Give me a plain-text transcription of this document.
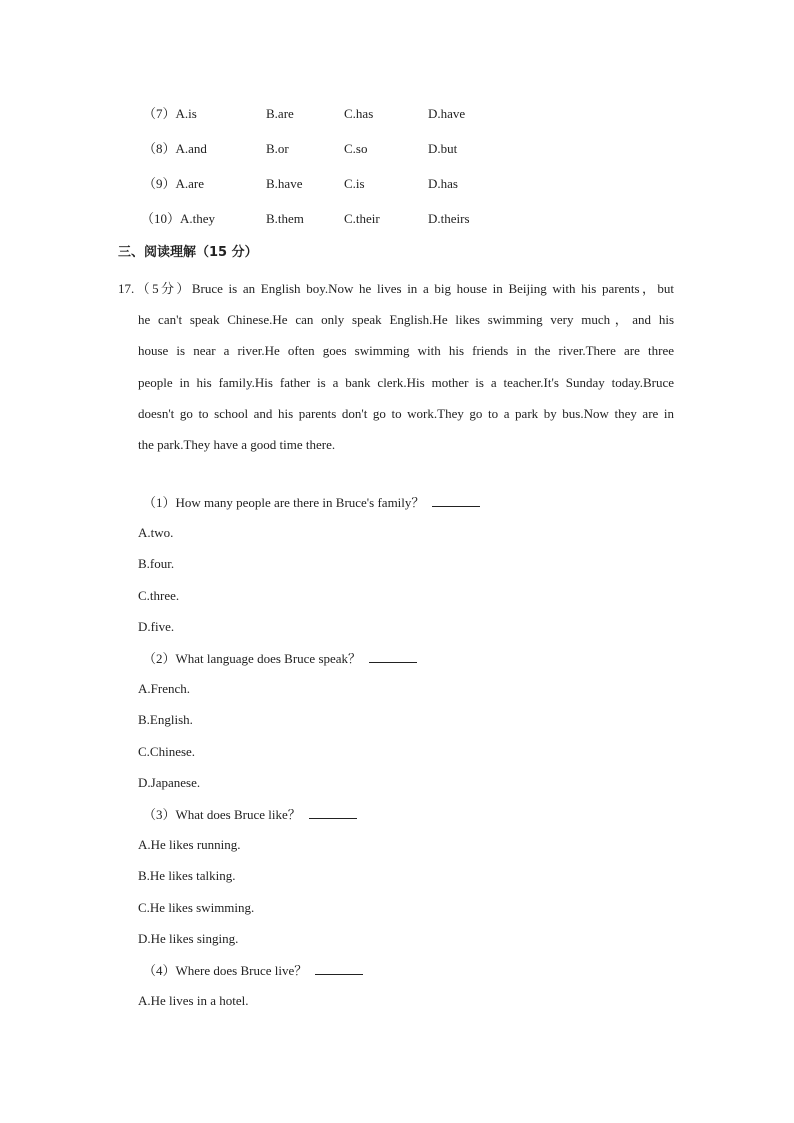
（7）A.is	B.are	C.has	D.have
（8）A.and	B.or	C.so	D.but
（9）A.are	B.have	C.is	D.has
（10）A.they	B.them	C.their	D.theirs
三、阅读理解（15 分）
17.（5分）Bruce is an English boy.Now he lives in a big house in Beijing with his parents，but
he can't speak Chinese.He can only speak English.He likes swimming very much，and his
house is near a river.He often goes swimming with his friends in the river.There are three
people in his family.His father is a bank clerk.His mother is a teacher.It's Sunday today.Bruce
doesn't go to school and his parents don't go to work.They go to a park by bus.Now they are in
the park.They have a good time there.
（1）How many people are there in Bruce's family？
A.two.
B.four.
C.three.
D.five.
（2）What language does Bruce speak？
A.French.
B.English.
C.Chinese.
D.Japanese.
（3）What does Bruce like？
A.He likes running.
B.He likes talking.
C.He likes swimming.
D.He likes singing.
（4）Where does Bruce live？
A.He lives in a hotel.
